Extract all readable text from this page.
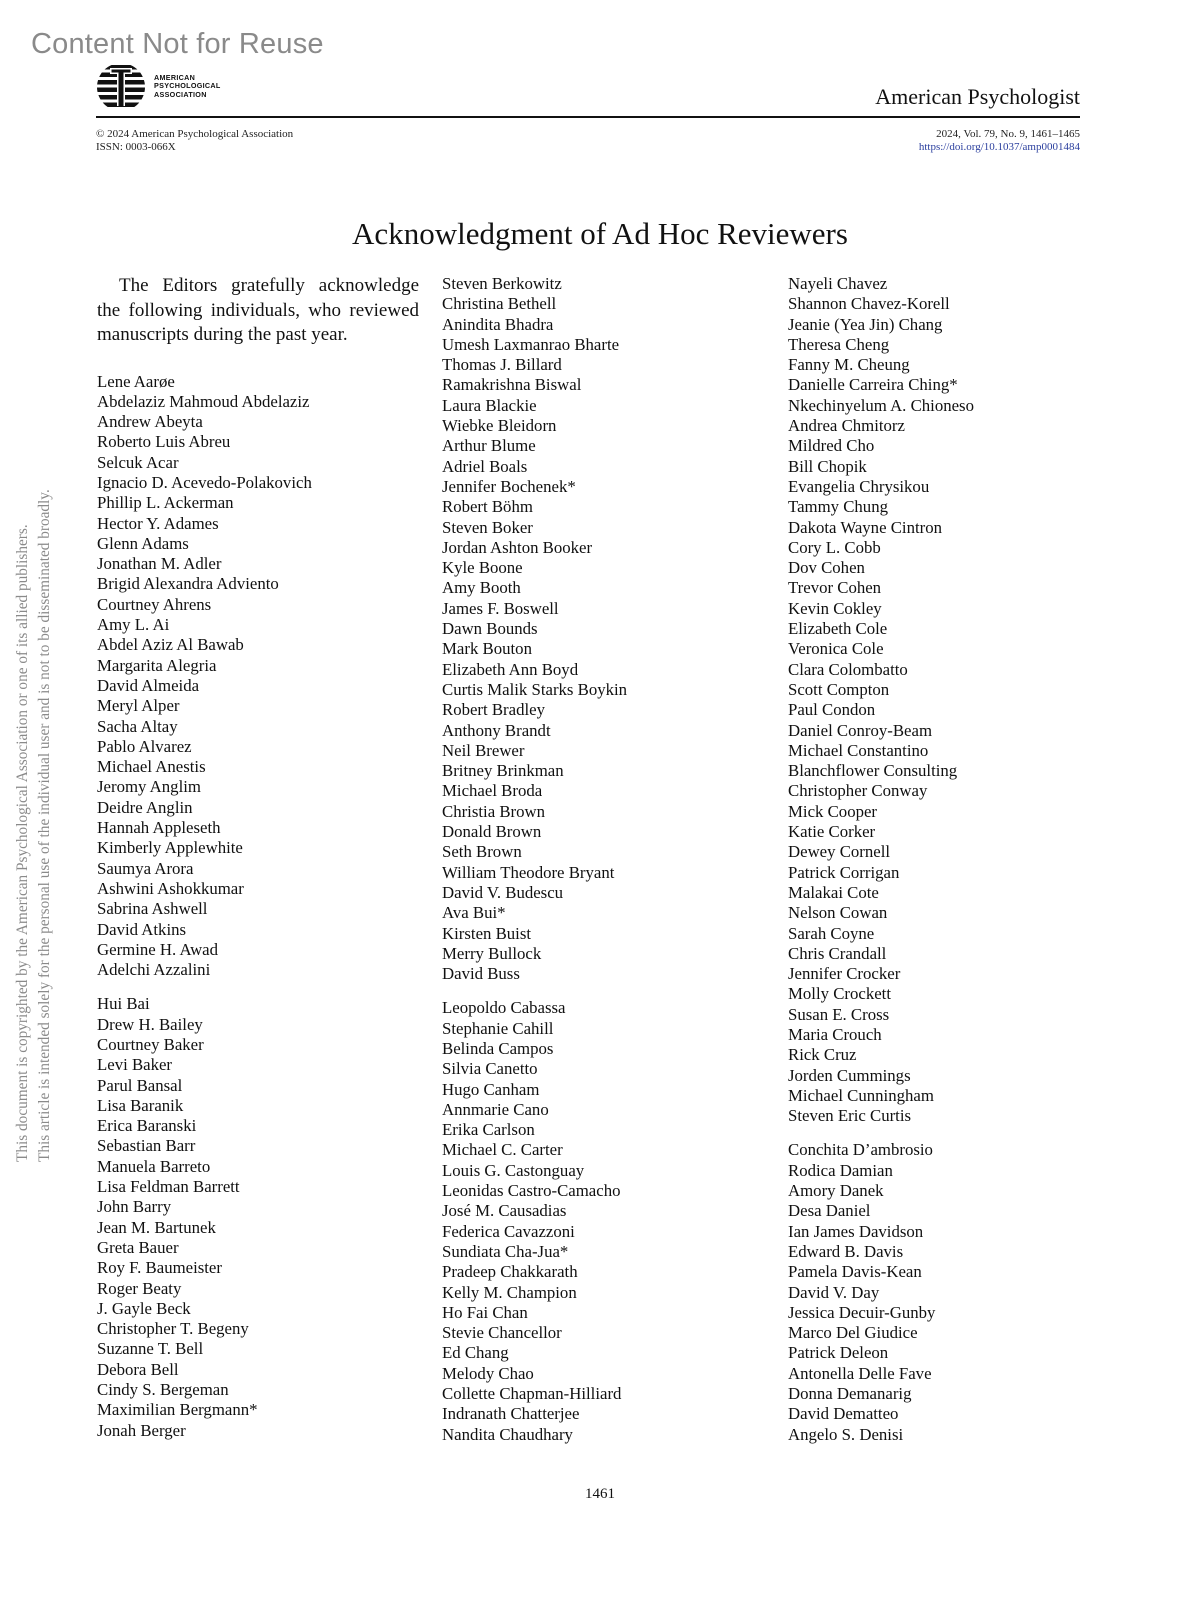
Content Not for Reuse
AMERICAN
PSYCHOLOGICAL
ASSOCIATION	American Psychologist
© 2024 American Psychological Association
ISSN: 0003-066X
2024, Vol. 79, No. 9, 1461–1465
https://doi.org/10.1037/amp0001484
This document is copyrighted by the American Psychological Association or one of its allied publishers. This article is intended solely for the personal use of the individual user and is not to be disseminated broadly.
Acknowledgment of Ad Hoc Reviewers
The Editors gratefully acknowledge the following individuals, who reviewed manuscripts during the past year.
Lene Aarøe
Abdelaziz Mahmoud Abdelaziz
Andrew Abeyta
Roberto Luis Abreu
Selcuk Acar
Ignacio D. Acevedo-Polakovich
Phillip L. Ackerman
Hector Y. Adames
Glenn Adams
Jonathan M. Adler
Brigid Alexandra Adviento
Courtney Ahrens
Amy L. Ai
Abdel Aziz Al Bawab
Margarita Alegria
David Almeida
Meryl Alper
Sacha Altay
Pablo Alvarez
Michael Anestis
Jeromy Anglim
Deidre Anglin
Hannah Appleseth
Kimberly Applewhite
Saumya Arora
Ashwini Ashokkumar
Sabrina Ashwell
David Atkins
Germine H. Awad
Adelchi Azzalini
Hui Bai
Drew H. Bailey
Courtney Baker
Levi Baker
Parul Bansal
Lisa Baranik
Erica Baranski
Sebastian Barr
Manuela Barreto
Lisa Feldman Barrett
John Barry
Jean M. Bartunek
Greta Bauer
Roy F. Baumeister
Roger Beaty
J. Gayle Beck
Christopher T. Begeny
Suzanne T. Bell
Debora Bell
Cindy S. Bergeman
Maximilian Bergmann*
Jonah Berger
Steven Berkowitz
Christina Bethell
Anindita Bhadra
Umesh Laxmanrao Bharte
Thomas J. Billard
Ramakrishna Biswal
Laura Blackie
Wiebke Bleidorn
Arthur Blume
Adriel Boals
Jennifer Bochenek*
Robert Böhm
Steven Boker
Jordan Ashton Booker
Kyle Boone
Amy Booth
James F. Boswell
Dawn Bounds
Mark Bouton
Elizabeth Ann Boyd
Curtis Malik Starks Boykin
Robert Bradley
Anthony Brandt
Neil Brewer
Britney Brinkman
Michael Broda
Christia Brown
Donald Brown
Seth Brown
William Theodore Bryant
David V. Budescu
Ava Bui*
Kirsten Buist
Merry Bullock
David Buss
Leopoldo Cabassa
Stephanie Cahill
Belinda Campos
Silvia Canetto
Hugo Canham
Annmarie Cano
Erika Carlson
Michael C. Carter
Louis G. Castonguay
Leonidas Castro-Camacho
José M. Causadias
Federica Cavazzoni
Sundiata Cha-Jua*
Pradeep Chakkarath
Kelly M. Champion
Ho Fai Chan
Stevie Chancellor
Ed Chang
Melody Chao
Collette Chapman-Hilliard
Indranath Chatterjee
Nandita Chaudhary
Nayeli Chavez
Shannon Chavez-Korell
Jeanie (Yea Jin) Chang
Theresa Cheng
Fanny M. Cheung
Danielle Carreira Ching*
Nkechinyelum A. Chioneso
Andrea Chmitorz
Mildred Cho
Bill Chopik
Evangelia Chrysikou
Tammy Chung
Dakota Wayne Cintron
Cory L. Cobb
Dov Cohen
Trevor Cohen
Kevin Cokley
Elizabeth Cole
Veronica Cole
Clara Colombatto
Scott Compton
Paul Condon
Daniel Conroy-Beam
Michael Constantino
Blanchflower Consulting
Christopher Conway
Mick Cooper
Katie Corker
Dewey Cornell
Patrick Corrigan
Malakai Cote
Nelson Cowan
Sarah Coyne
Chris Crandall
Jennifer Crocker
Molly Crockett
Susan E. Cross
Maria Crouch
Rick Cruz
Jorden Cummings
Michael Cunningham
Steven Eric Curtis
Conchita D’ambrosio
Rodica Damian
Amory Danek
Desa Daniel
Ian James Davidson
Edward B. Davis
Pamela Davis-Kean
David V. Day
Jessica Decuir-Gunby
Marco Del Giudice
Patrick Deleon
Antonella Delle Fave
Donna Demanarig
David Dematteo
Angelo S. Denisi
1461
